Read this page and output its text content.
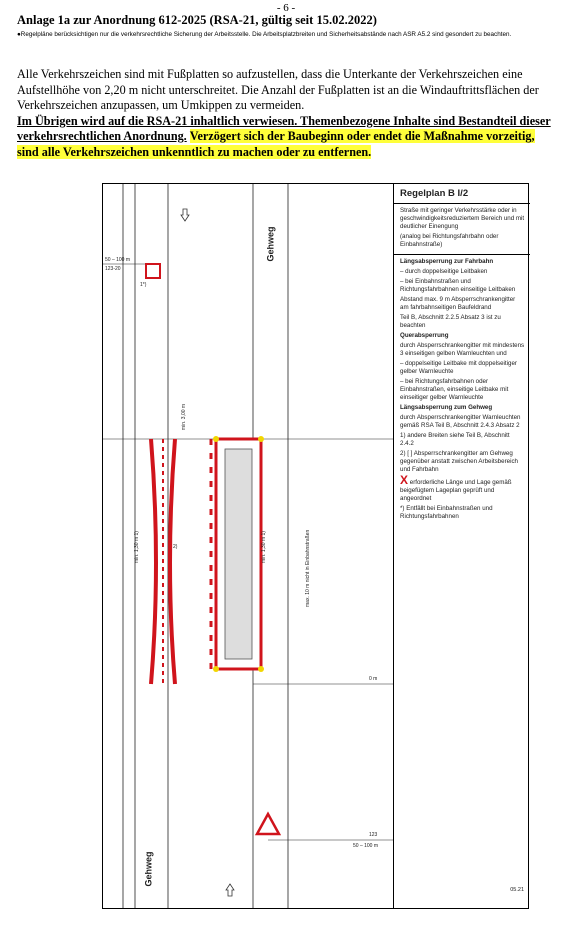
- 6 -
Anlage 1a zur Anordnung 612-2025 (RSA-21, gültig seit 15.02.2022)
●Regelpläne berücksichtigen nur die verkehrsrechtliche Sicherung der Arbeitsstelle. Die Arbeitsplatzbreiten und Sicherheitsabstände nach ASR A5.2 sind gesondert zu beachten.

Alle Verkehrszeichen sind mit Fußplatten so aufzustellen, dass die Unterkante der Verkehrszeichen eine Aufstellhöhe von 2,20 m nicht unterschreitet. Die Anzahl der Fußplatten ist an die Windauftrittsflächen der Verkehrszeichen anzupassen, um Umkippen zu vermeiden.

Im Übrigen wird auf die RSA-21 inhaltlich verwiesen. Themenbezogene Inhalte sind Bestandteil dieser verkehrsrechtlichen Anordnung. Verzögert sich der Baubeginn oder endet die Maßnahme vorzeitig, sind alle Verkehrszeichen unkenntlich zu machen oder zu entfernen.

Gehweg
Gehweg
50 – 100 m
123-20
0 m
123
50 – 100 m
1*)
2)
min. 1,30 m 1)	min. 1,30 m 1)
min. 3,00 m
max. 10 m nicht in Einbahnstraßen
Regelplan B I/2
Straße mit geringer Verkehrsstärke oder in geschwindigkeitsreduziertem Bereich und mit deutlicher Einengung
(analog bei Richtungsfahrbahn oder Einbahnstraße)
Längsabsperrung zur Fahrbahn
– durch doppelseitige Leitbaken
– bei Einbahnstraßen und Richtungsfahrbahnen einseitige Leitbaken
Abstand max. 9 m Absperrschrankengitter am fahrbahnseitigen Baufeldrand
Teil B, Abschnitt 2.2.5 Absatz 3 ist zu beachten
Querabsperrung
durch Absperrschrankengitter mit mindestens 3 einseitigen gelben Warnleuchten und
– doppelseitige Leitbake mit doppelseitiger gelber Warnleuchte
– bei Richtungsfahrbahnen oder Einbahnstraßen, einseitige Leitbake mit einseitiger gelber Warnleuchte
Längsabsperrung zum Gehweg
durch Absperrschrankengitter Warnleuchten gemäß RSA Teil B, Abschnitt 2.4.3 Absatz 2
1) andere Breiten siehe Teil B, Abschnitt 2.4.2
2) [ ] Absperrschrankengitter am Gehweg gegenüber anstatt zwischen Arbeitsbereich und Fahrbahn
X erforderliche Länge und Lage gemäß beigefügtem Lageplan geprüft und angeordnet
*) Entfällt bei Einbahnstraßen und Richtungsfahrbahnen
05.21
